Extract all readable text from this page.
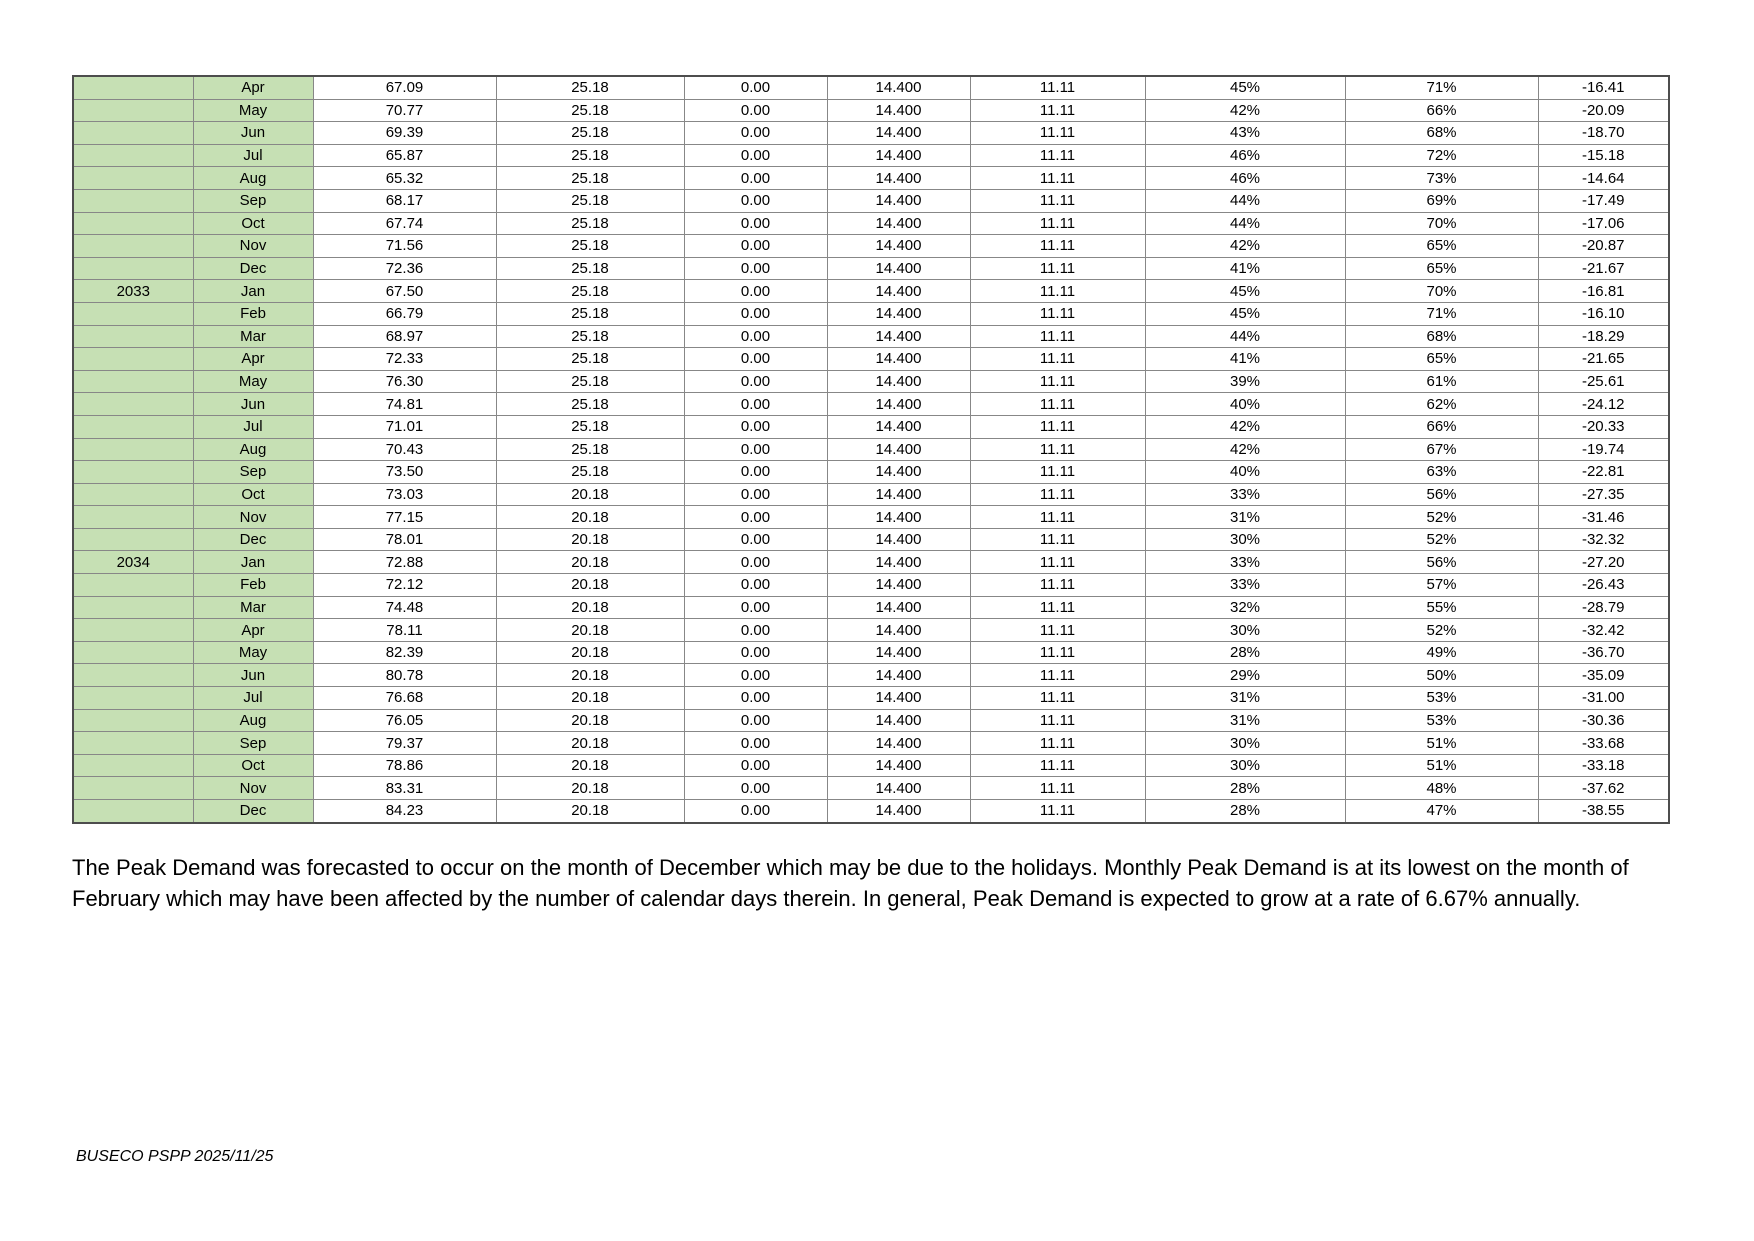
	Apr	67.09	25.18	0.00	14.400	11.11	45%	71%	-16.41
	May	70.77	25.18	0.00	14.400	11.11	42%	66%	-20.09
	Jun	69.39	25.18	0.00	14.400	11.11	43%	68%	-18.70
	Jul	65.87	25.18	0.00	14.400	11.11	46%	72%	-15.18
	Aug	65.32	25.18	0.00	14.400	11.11	46%	73%	-14.64
	Sep	68.17	25.18	0.00	14.400	11.11	44%	69%	-17.49
	Oct	67.74	25.18	0.00	14.400	11.11	44%	70%	-17.06
	Nov	71.56	25.18	0.00	14.400	11.11	42%	65%	-20.87
	Dec	72.36	25.18	0.00	14.400	11.11	41%	65%	-21.67
2033	Jan	67.50	25.18	0.00	14.400	11.11	45%	70%	-16.81
	Feb	66.79	25.18	0.00	14.400	11.11	45%	71%	-16.10
	Mar	68.97	25.18	0.00	14.400	11.11	44%	68%	-18.29
	Apr	72.33	25.18	0.00	14.400	11.11	41%	65%	-21.65
	May	76.30	25.18	0.00	14.400	11.11	39%	61%	-25.61
	Jun	74.81	25.18	0.00	14.400	11.11	40%	62%	-24.12
	Jul	71.01	25.18	0.00	14.400	11.11	42%	66%	-20.33
	Aug	70.43	25.18	0.00	14.400	11.11	42%	67%	-19.74
	Sep	73.50	25.18	0.00	14.400	11.11	40%	63%	-22.81
	Oct	73.03	20.18	0.00	14.400	11.11	33%	56%	-27.35
	Nov	77.15	20.18	0.00	14.400	11.11	31%	52%	-31.46
	Dec	78.01	20.18	0.00	14.400	11.11	30%	52%	-32.32
2034	Jan	72.88	20.18	0.00	14.400	11.11	33%	56%	-27.20
	Feb	72.12	20.18	0.00	14.400	11.11	33%	57%	-26.43
	Mar	74.48	20.18	0.00	14.400	11.11	32%	55%	-28.79
	Apr	78.11	20.18	0.00	14.400	11.11	30%	52%	-32.42
	May	82.39	20.18	0.00	14.400	11.11	28%	49%	-36.70
	Jun	80.78	20.18	0.00	14.400	11.11	29%	50%	-35.09
	Jul	76.68	20.18	0.00	14.400	11.11	31%	53%	-31.00
	Aug	76.05	20.18	0.00	14.400	11.11	31%	53%	-30.36
	Sep	79.37	20.18	0.00	14.400	11.11	30%	51%	-33.68
	Oct	78.86	20.18	0.00	14.400	11.11	30%	51%	-33.18
	Nov	83.31	20.18	0.00	14.400	11.11	28%	48%	-37.62
	Dec	84.23	20.18	0.00	14.400	11.11	28%	47%	-38.55

The Peak Demand was forecasted to occur on the month of December which may be due to the holidays. Monthly Peak Demand is at its lowest on the month of February which may have been affected by the number of calendar days therein. In general, Peak Demand is expected to grow at a rate of 6.67% annually.

BUSECO PSPP 2025/11/25
